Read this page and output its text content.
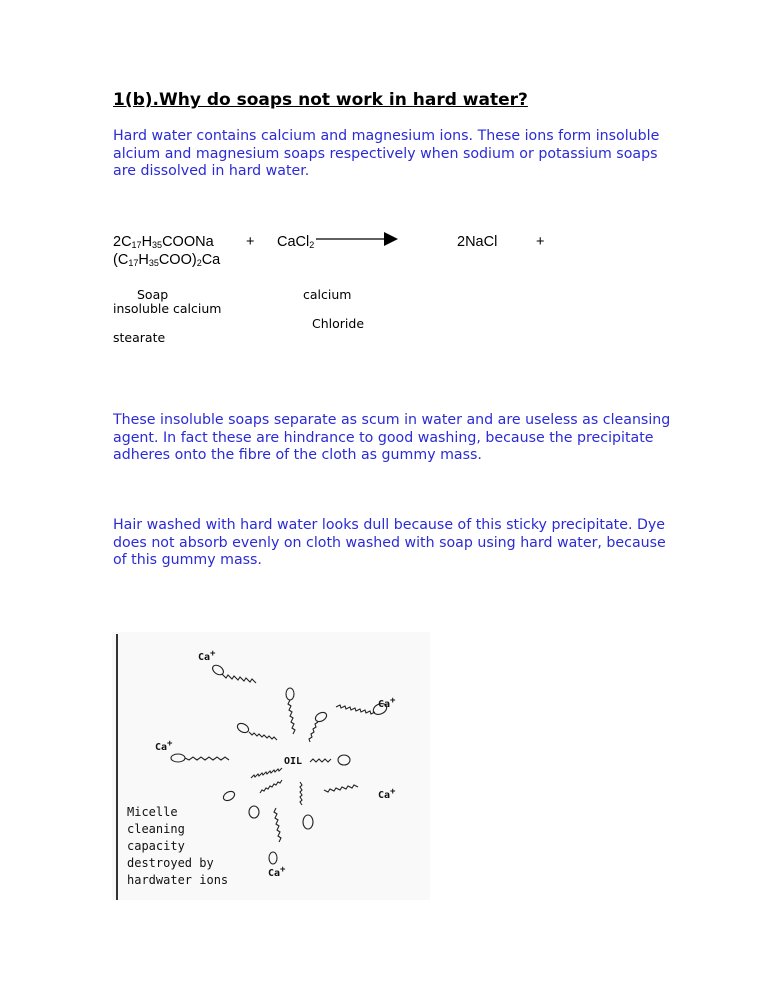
1(b).Why do soaps not work in hard water?
Hard water contains calcium and magnesium ions. These ions form insoluble alcium and magnesium soaps respectively when sodium or potassium soaps are dissolved in hard water.
$2C_{17}H_{35}COONa$ + CaCl$_2$	2NaCl	+
$(C_{17}H_{35}COO)_2Ca$
Soap	calcium
insoluble calcium
Chloride
stearate
These insoluble soaps separate as scum in water and are useless as cleansing agent. In fact these are hindrance to good washing, because the precipitate adheres onto the fibre of the cloth as gummy mass.
Hair washed with hard water looks dull because of this sticky precipitate. Dye does not absorb evenly on cloth washed with soap using hard water, because of this gummy mass.
OIL
Ca+
Ca+
Ca+
Ca+
Ca+
Micelle
cleaning
capacity
destroyed by
hardwater ions
